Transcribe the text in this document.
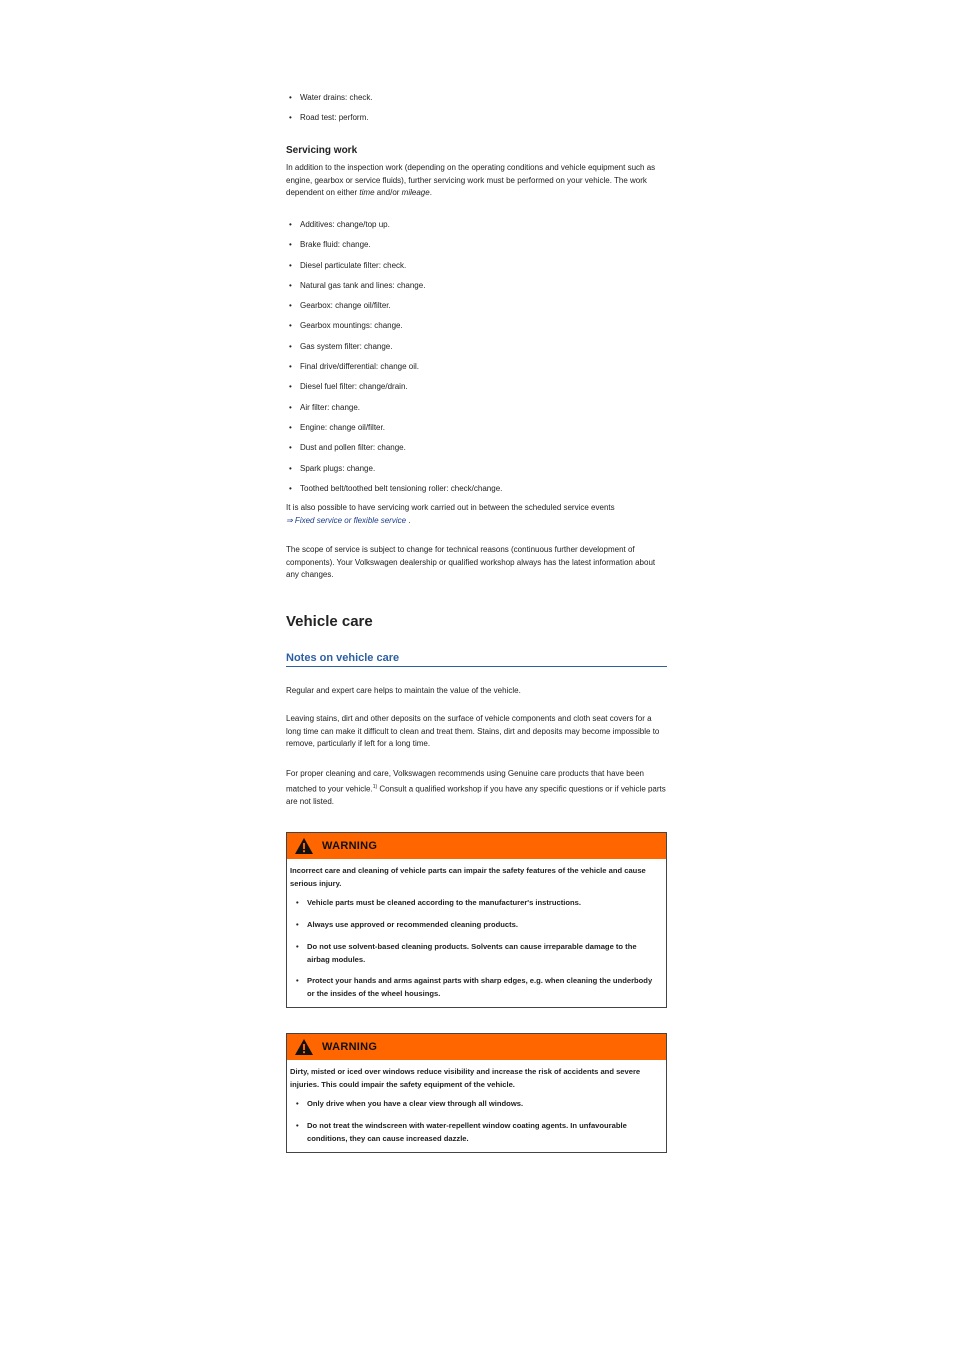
• Water drains: check.
• Road test: perform.
Servicing work

In addition to the inspection work (depending on the operating conditions and vehicle equipment such as engine, gearbox or service fluids), further servicing work must be performed on your vehicle. The work dependent on either time and/or mileage.

• Additives: change/top up.
• Brake fluid: change.
• Diesel particulate filter: check.
• Natural gas tank and lines: change.
• Gearbox: change oil/filter.
• Gearbox mountings: change.
• Gas system filter: change.
• Final drive/differential: change oil.
• Diesel fuel filter: change/drain.
• Air filter: change.
• Engine: change oil/filter.
• Dust and pollen filter: change.
• Spark plugs: change.
• Toothed belt/toothed belt tensioning roller: check/change.

It is also possible to have servicing work carried out in between the scheduled service events
⇒ Fixed service or flexible service .

The scope of service is subject to change for technical reasons (continuous further development of components). Your Volkswagen dealership or qualified workshop always has the latest information about any changes.

Vehicle care
Notes on vehicle care

Regular and expert care helps to maintain the value of the vehicle.

Leaving stains, dirt and other deposits on the surface of vehicle components and cloth seat covers for a long time can make it difficult to clean and treat them. Stains, dirt and deposits may become impossible to remove, particularly if left for a long time.

For proper cleaning and care, Volkswagen recommends using Genuine care products that have been matched to your vehicle.$^{1)}$ Consult a qualified workshop if you have any specific questions or if vehicle parts are not listed.

WARNING

Incorrect care and cleaning of vehicle parts can impair the safety features of the vehicle and cause serious injury.

• Vehicle parts must be cleaned according to the manufacturer's instructions.
• Always use approved or recommended cleaning products.
• Do not use solvent-based cleaning products. Solvents can cause irreparable damage to the airbag modules.
• Protect your hands and arms against parts with sharp edges, e.g. when cleaning the underbody or the insides of the wheel housings.
WARNING

Dirty, misted or iced over windows reduce visibility and increase the risk of accidents and severe injuries. This could impair the safety equipment of the vehicle.

• Only drive when you have a clear view through all windows.
• Do not treat the windscreen with water-repellent window coating agents. In unfavourable conditions, they can cause increased dazzle.
